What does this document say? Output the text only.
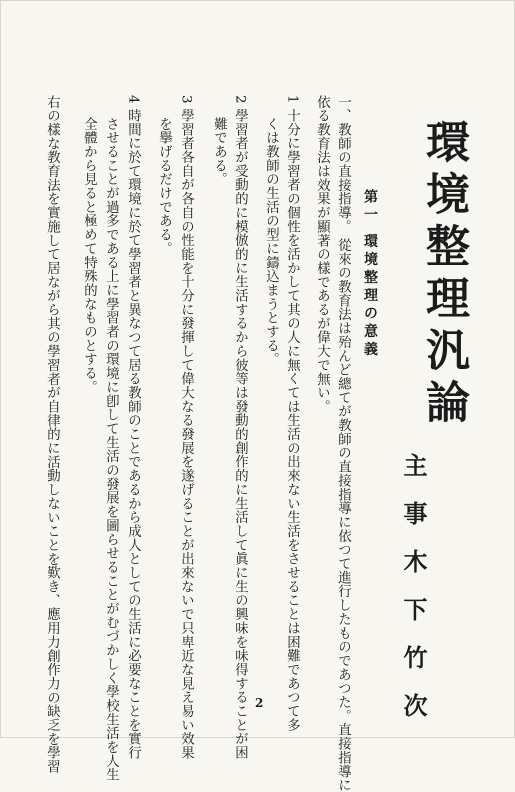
環境整理汎論
主事木下竹次
第一 環境整理の意義
一、教師の直接指導。 從來の教育法は殆んど總てが教師の直接指導に依つて進行したものであつた。直接指導に
依る教育法は效果が顯著の樣であるが偉大で無い。
1 十分に學習者の個性を活かして其の人に無くては生活の出來ない生活をさせることは困難であつて多
くは教師の生活の型に鑄込まうとする。
2 學習者が受動的に模倣的に生活するから彼等は發動的創作的に生活して眞に生の興味を味得することが困
難である。
3 學習者各自が各自の性能を十分に發揮して偉大なる發展を遂げることが出來ないで只卑近な見え易い效果
を擧げるだけである。
4 時間に於て環境に於て學習者と異なつて居る教師のことであるから成人としての生活に必要なことを實行
させることが過多である上に學習者の環境に卽して生活の發展を圖らせることがむづかしく學校生活を人生
全體から見ると極めて特殊的なものとする。
右の樣な教育法を實施して居ながら其の學習者が自律的に活動しないことを歎き、應用力創作力の缺乏を學習	2
